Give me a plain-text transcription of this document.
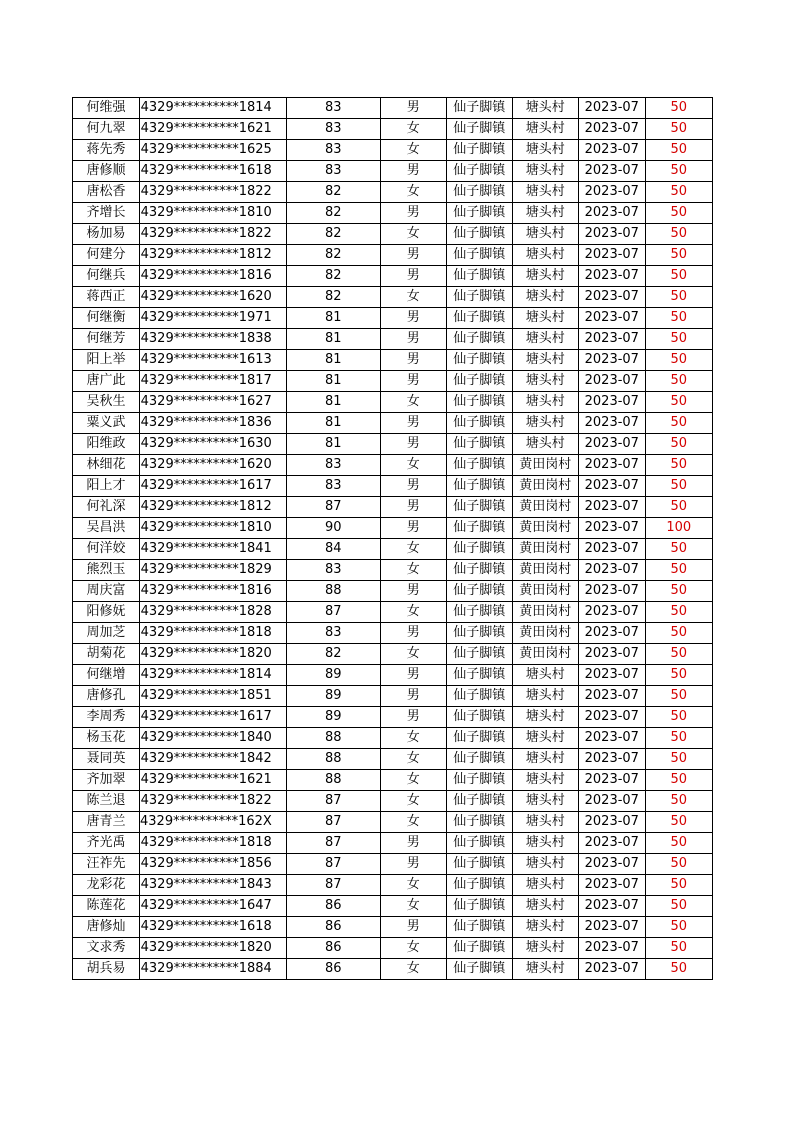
何维强	4329**********1814	83	男	仙子脚镇	塘头村	2023-07	50
何九翠	4329**********1621	83	女	仙子脚镇	塘头村	2023-07	50
蒋先秀	4329**********1625	83	女	仙子脚镇	塘头村	2023-07	50
唐修顺	4329**********1618	83	男	仙子脚镇	塘头村	2023-07	50
唐松香	4329**********1822	82	女	仙子脚镇	塘头村	2023-07	50
齐增长	4329**********1810	82	男	仙子脚镇	塘头村	2023-07	50
杨加易	4329**********1822	82	女	仙子脚镇	塘头村	2023-07	50
何建分	4329**********1812	82	男	仙子脚镇	塘头村	2023-07	50
何继兵	4329**********1816	82	男	仙子脚镇	塘头村	2023-07	50
蒋西正	4329**********1620	82	女	仙子脚镇	塘头村	2023-07	50
何继衡	4329**********1971	81	男	仙子脚镇	塘头村	2023-07	50
何继芳	4329**********1838	81	男	仙子脚镇	塘头村	2023-07	50
阳上举	4329**********1613	81	男	仙子脚镇	塘头村	2023-07	50
唐广此	4329**********1817	81	男	仙子脚镇	塘头村	2023-07	50
吴秋生	4329**********1627	81	女	仙子脚镇	塘头村	2023-07	50
粟义武	4329**********1836	81	男	仙子脚镇	塘头村	2023-07	50
阳维政	4329**********1630	81	男	仙子脚镇	塘头村	2023-07	50
林细花	4329**********1620	83	女	仙子脚镇	黄田岗村	2023-07	50
阳上才	4329**********1617	83	男	仙子脚镇	黄田岗村	2023-07	50
何礼深	4329**********1812	87	男	仙子脚镇	黄田岗村	2023-07	50
吴昌洪	4329**********1810	90	男	仙子脚镇	黄田岗村	2023-07	100
何洋姣	4329**********1841	84	女	仙子脚镇	黄田岗村	2023-07	50
熊烈玉	4329**********1829	83	女	仙子脚镇	黄田岗村	2023-07	50
周庆富	4329**********1816	88	男	仙子脚镇	黄田岗村	2023-07	50
阳修妩	4329**********1828	87	女	仙子脚镇	黄田岗村	2023-07	50
周加芝	4329**********1818	83	男	仙子脚镇	黄田岗村	2023-07	50
胡菊花	4329**********1820	82	女	仙子脚镇	黄田岗村	2023-07	50
何继增	4329**********1814	89	男	仙子脚镇	塘头村	2023-07	50
唐修孔	4329**********1851	89	男	仙子脚镇	塘头村	2023-07	50
李周秀	4329**********1617	89	男	仙子脚镇	塘头村	2023-07	50
杨玉花	4329**********1840	88	女	仙子脚镇	塘头村	2023-07	50
聂同英	4329**********1842	88	女	仙子脚镇	塘头村	2023-07	50
齐加翠	4329**********1621	88	女	仙子脚镇	塘头村	2023-07	50
陈兰退	4329**********1822	87	女	仙子脚镇	塘头村	2023-07	50
唐青兰	4329**********162X	87	女	仙子脚镇	塘头村	2023-07	50
齐光禹	4329**********1818	87	男	仙子脚镇	塘头村	2023-07	50
汪祚先	4329**********1856	87	男	仙子脚镇	塘头村	2023-07	50
龙彩花	4329**********1843	87	女	仙子脚镇	塘头村	2023-07	50
陈莲花	4329**********1647	86	女	仙子脚镇	塘头村	2023-07	50
唐修灿	4329**********1618	86	男	仙子脚镇	塘头村	2023-07	50
文求秀	4329**********1820	86	女	仙子脚镇	塘头村	2023-07	50
胡兵易	4329**********1884	86	女	仙子脚镇	塘头村	2023-07	50
